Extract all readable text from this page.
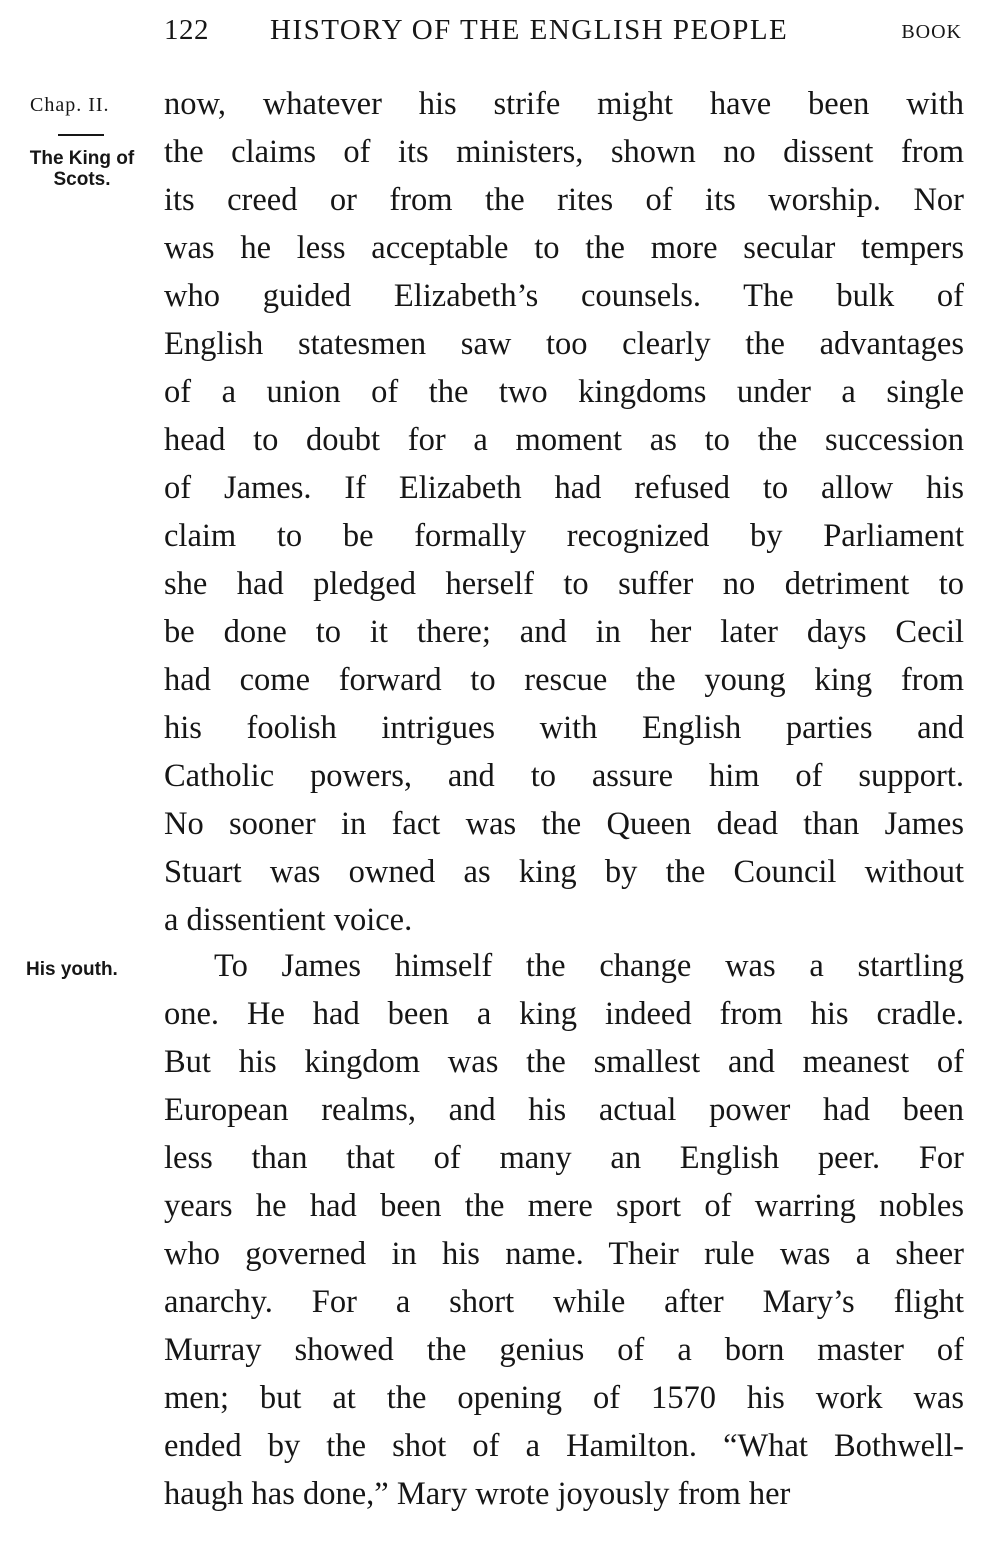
122 HISTORY OF THE ENGLISH PEOPLE	BOOK
Chap. II.
The King of Scots.
His youth.
now, whatever his strife might have been with
the claims of its ministers, shown no dissent from
its creed or from the rites of its worship. Nor
was he less acceptable to the more secular tempers
who guided Elizabeth’s counsels. The bulk of
English statesmen saw too clearly the advantages
of a union of the two kingdoms under a single
head to doubt for a moment as to the succession
of James. If Elizabeth had refused to allow his
claim to be formally recognized by Parliament
she had pledged herself to suffer no detriment to
be done to it there; and in her later days Cecil
had come forward to rescue the young king from
his foolish intrigues with English parties and
Catholic powers, and to assure him of support.
No sooner in fact was the Queen dead than James
Stuart was owned as king by the Council without
a dissentient voice.
To James himself the change was a startling
one. He had been a king indeed from his cradle.
But his kingdom was the smallest and meanest of
European realms, and his actual power had been
less than that of many an English peer. For
years he had been the mere sport of warring nobles
who governed in his name. Their rule was a sheer
anarchy. For a short while after Mary’s flight
Murray showed the genius of a born master of
men; but at the opening of 1570 his work was
ended by the shot of a Hamilton. “What Bothwell-
haugh has done,” Mary wrote joyously from her
